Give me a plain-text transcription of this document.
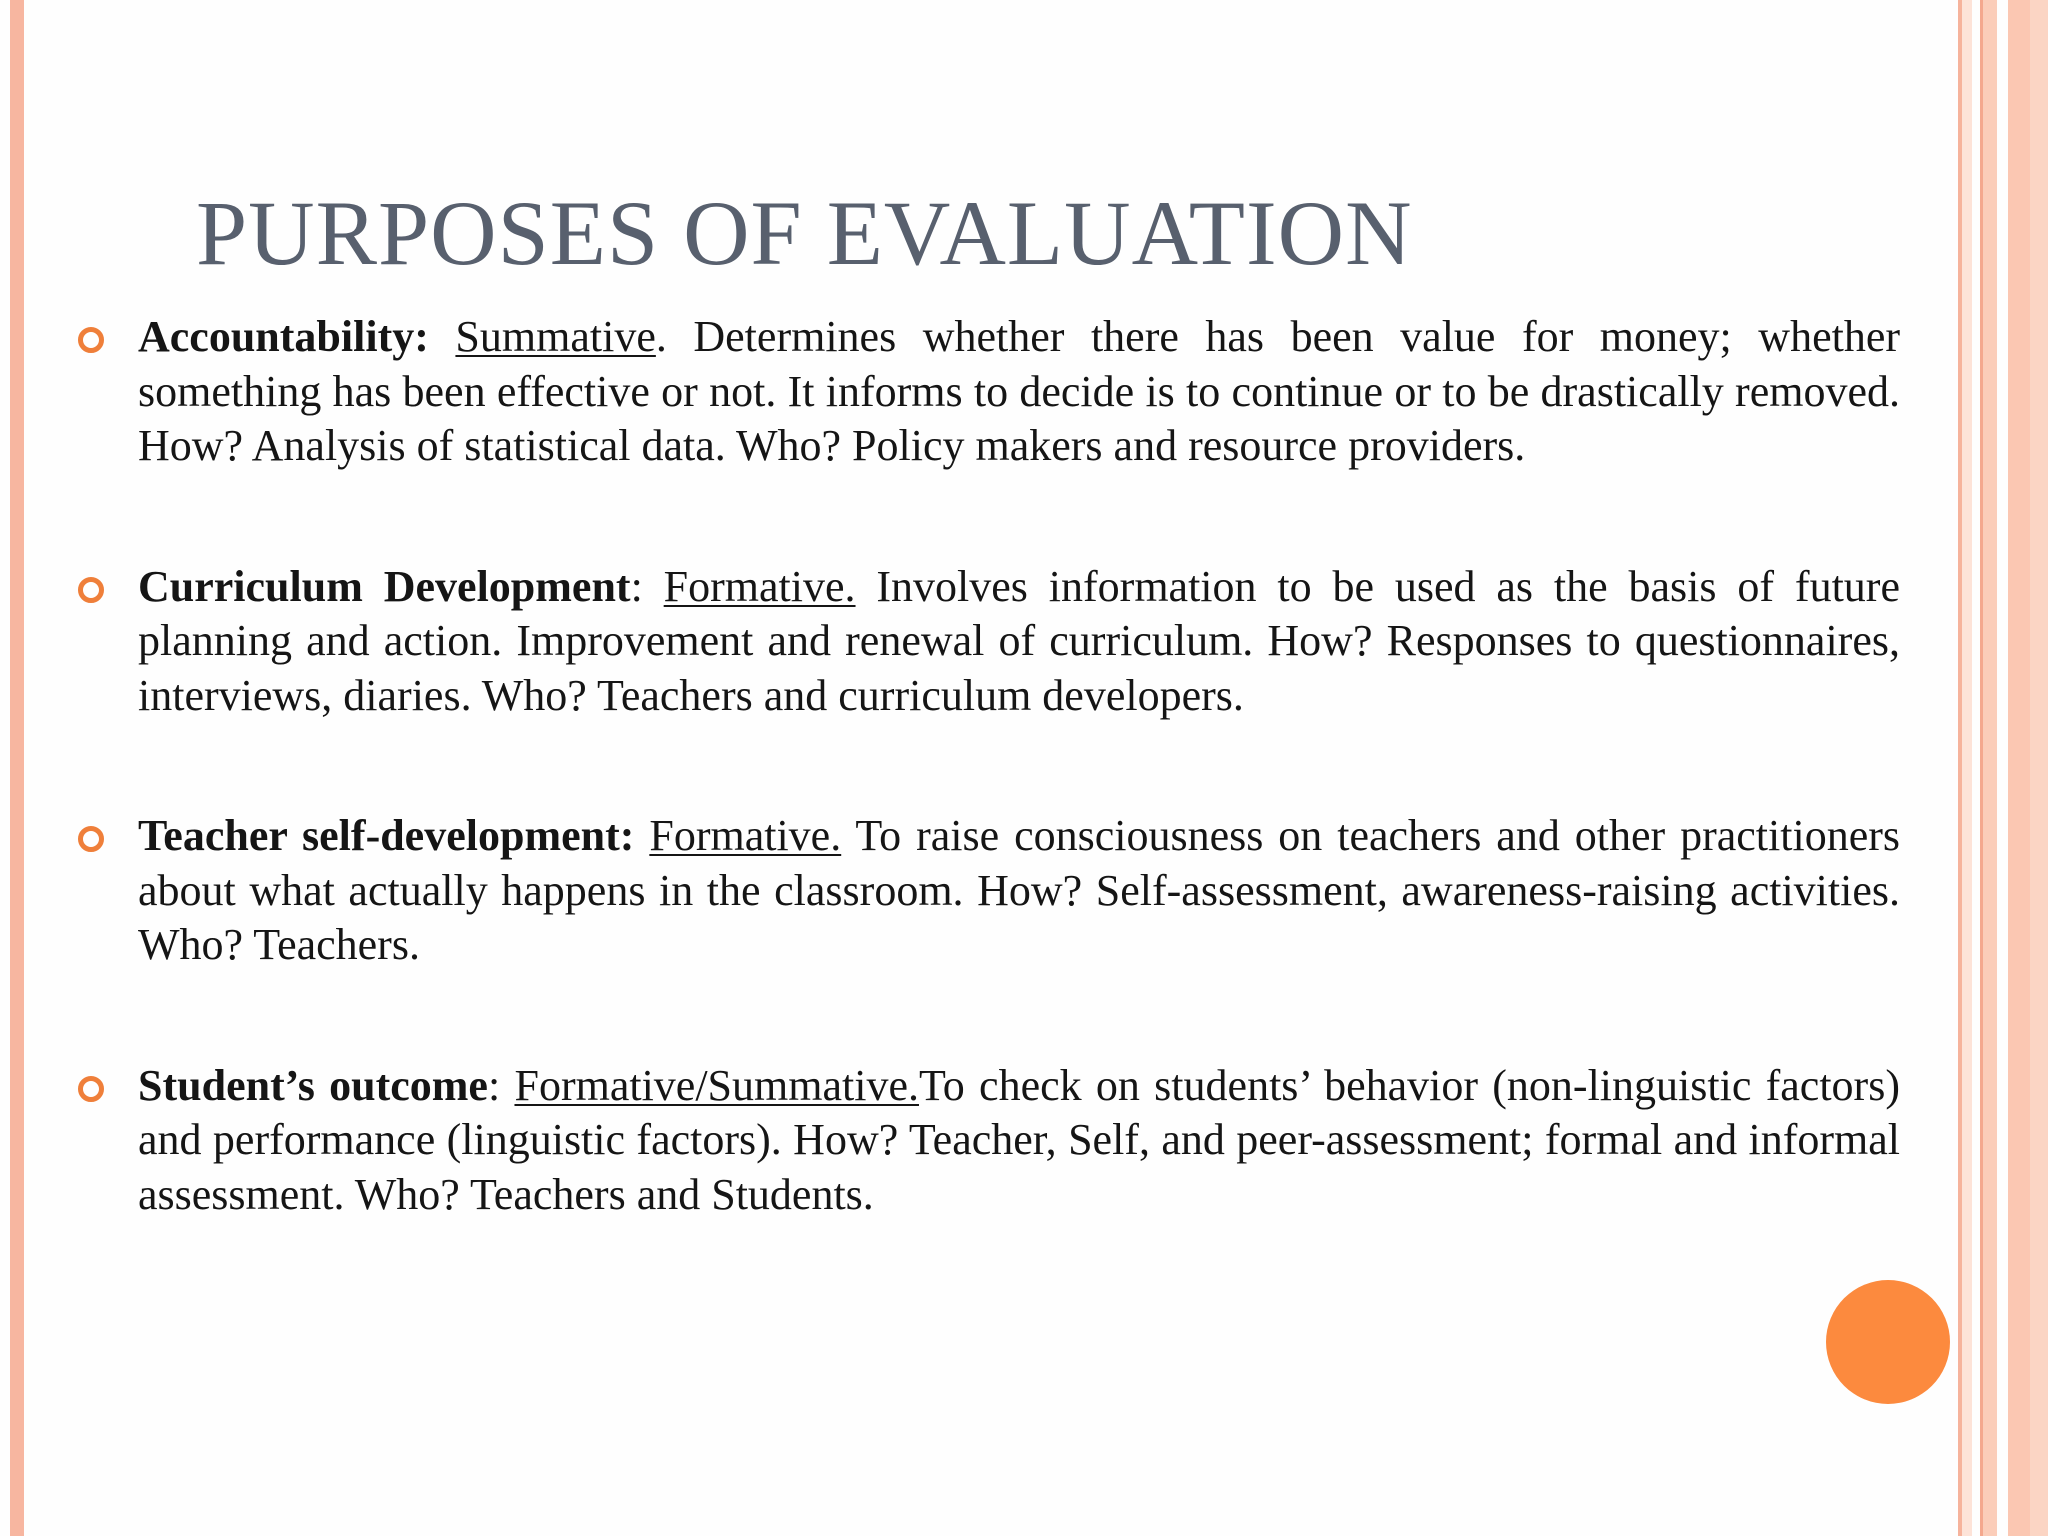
PURPOSES OF EVALUATION
Accountability: Summative. Determines whether there has been value for money; whether something has been effective or not. It informs to decide is to continue or to be drastically removed. How? Analysis of statistical data. Who? Policy makers and resource providers.
Curriculum Development: Formative. Involves information to be used as the basis of future planning and action. Improvement and renewal of curriculum. How? Responses to questionnaires, interviews, diaries. Who? Teachers and curriculum developers.
Teacher self-development: Formative. To raise consciousness on teachers and other practitioners about what actually happens in the classroom. How? Self-assessment, awareness-raising activities. Who? Teachers.
Student’s outcome: Formative/Summative.To check on students’ behavior (non-linguistic factors) and performance (linguistic factors). How? Teacher, Self, and peer-assessment; formal and informal assessment. Who? Teachers and Students.
